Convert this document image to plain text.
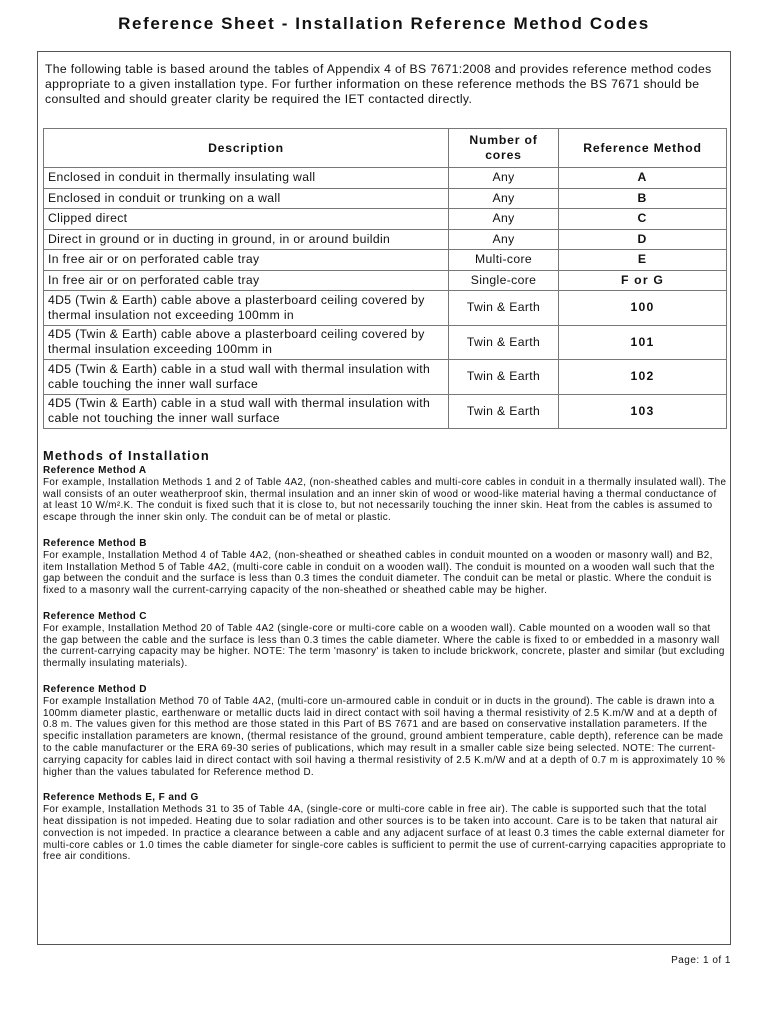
Reference Sheet - Installation Reference Method Codes

The following table is based around the tables of Appendix 4 of BS 7671:2008 and provides reference method codes appropriate to a given installation type. For further information on these reference methods the BS 7671 should be consulted and should greater clarity be required the IET contacted directly.

Description	Number of cores	Reference Method
Enclosed in conduit in thermally insulating wall	Any	A
Enclosed in conduit or trunking on a wall	Any	B
Clipped direct	Any	C
Direct in ground or in ducting in ground, in or around buildin	Any	D
In free air or on perforated cable tray	Multi-core	E
In free air or on perforated cable tray	Single-core	F or G
4D5 (Twin & Earth) cable above a plasterboard ceiling covered by thermal insulation not exceeding 100mm in	Twin & Earth	100
4D5 (Twin & Earth) cable above a plasterboard ceiling covered by thermal insulation exceeding 100mm in	Twin & Earth	101
4D5 (Twin & Earth) cable in a stud wall with thermal insulation with cable touching the inner wall surface	Twin & Earth	102
4D5 (Twin & Earth) cable in a stud wall with thermal insulation with cable not touching the inner wall surface	Twin & Earth	103
Methods of Installation
Reference Method A

For example, Installation Methods 1 and 2 of Table 4A2, (non-sheathed cables and multi-core cables in conduit in a thermally insulated wall). The wall consists of an outer weatherproof skin, thermal insulation and an inner skin of wood or wood-like material having a thermal conductance of at least 10 W/m².K. The conduit is fixed such that it is close to, but not necessarily touching the inner skin. Heat from the cables is assumed to escape through the inner skin only. The conduit can be of metal or plastic.

Reference Method B

For example, Installation Method 4 of Table 4A2, (non-sheathed or sheathed cables in conduit mounted on a wooden or masonry wall) and B2, item Installation Method 5 of Table 4A2, (multi-core cable in conduit on a wooden wall). The conduit is mounted on a wooden wall such that the gap between the conduit and the surface is less than 0.3 times the conduit diameter. The conduit can be metal or plastic. Where the conduit is fixed to a masonry wall the current-carrying capacity of the non-sheathed or sheathed cable may be higher.

Reference Method C

For example, Installation Method 20 of Table 4A2 (single-core or multi-core cable on a wooden wall). Cable mounted on a wooden wall so that the gap between the cable and the surface is less than 0.3 times the cable diameter. Where the cable is fixed to or embedded in a masonry wall the current-carrying capacity may be higher. NOTE: The term 'masonry' is taken to include brickwork, concrete, plaster and similar (but excluding thermally insulating materials).

Reference Method D

For example Installation Method 70 of Table 4A2, (multi-core un-armoured cable in conduit or in ducts in the ground). The cable is drawn into a 100mm diameter plastic, earthenware or metallic ducts laid in direct contact with soil having a thermal resistivity of 2.5 K.m/W and at a depth of 0.8 m. The values given for this method are those stated in this Part of BS 7671 and are based on conservative installation parameters. If the specific installation parameters are known, (thermal resistance of the ground, ground ambient temperature, cable depth), reference can be made to the cable manufacturer or the ERA 69-30 series of publications, which may result in a smaller cable size being selected. NOTE: The current-carrying capacity for cables laid in direct contact with soil having a thermal resistivity of 2.5 K.m/W and at a depth of 0.7 m is approximately 10 % higher than the values tabulated for Reference method D.

Reference Methods E, F and G

For example, Installation Methods 31 to 35 of Table 4A, (single-core or multi-core cable in free air). The cable is supported such that the total heat dissipation is not impeded. Heating due to solar radiation and other sources is to be taken into account. Care is to be taken that natural air convection is not impeded. In practice a clearance between a cable and any adjacent surface of at least 0.3 times the cable external diameter for multi-core cables or 1.0 times the cable diameter for single-core cables is sufficient to permit the use of current-carrying capacities appropriate to free air conditions.

Page: 1 of 1
